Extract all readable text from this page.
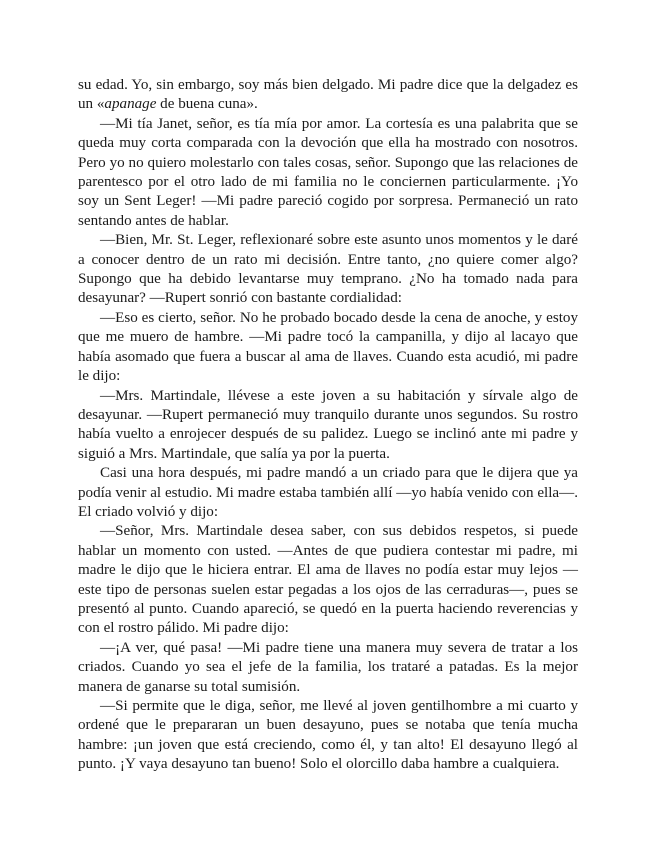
su edad. Yo, sin embargo, soy más bien delgado. Mi padre dice que la delgadez es un «apanage de buena cuna».

—Mi tía Janet, señor, es tía mía por amor. La cortesía es una palabrita que se queda muy corta comparada con la devoción que ella ha mostrado con nosotros. Pero yo no quiero molestarlo con tales cosas, señor. Supongo que las relaciones de parentesco por el otro lado de mi familia no le conciernen particularmente. ¡Yo soy un Sent Leger! —Mi padre pareció cogido por sorpresa. Permaneció un rato sentando antes de hablar.

—Bien, Mr. St. Leger, reflexionaré sobre este asunto unos momentos y le daré a conocer dentro de un rato mi decisión. Entre tanto, ¿no quiere comer algo? Supongo que ha debido levantarse muy temprano. ¿No ha tomado nada para desayunar? —Rupert sonrió con bastante cordialidad:

—Eso es cierto, señor. No he probado bocado desde la cena de anoche, y estoy que me muero de hambre. —Mi padre tocó la campanilla, y dijo al lacayo que había asomado que fuera a buscar al ama de llaves. Cuando esta acudió, mi padre le dijo:

—Mrs. Martindale, llévese a este joven a su habitación y sírvale algo de desayunar. —Rupert permaneció muy tranquilo durante unos segundos. Su rostro había vuelto a enrojecer después de su palidez. Luego se inclinó ante mi padre y siguió a Mrs. Martindale, que salía ya por la puerta.

Casi una hora después, mi padre mandó a un criado para que le dijera que ya podía venir al estudio. Mi madre estaba también allí —yo había venido con ella—. El criado volvió y dijo:

—Señor, Mrs. Martindale desea saber, con sus debidos respetos, si puede hablar un momento con usted. —Antes de que pudiera contestar mi padre, mi madre le dijo que le hiciera entrar. El ama de llaves no podía estar muy lejos —este tipo de personas suelen estar pegadas a los ojos de las cerraduras—, pues se presentó al punto. Cuando apareció, se quedó en la puerta haciendo reverencias y con el rostro pálido. Mi padre dijo:

—¡A ver, qué pasa! —Mi padre tiene una manera muy severa de tratar a los criados. Cuando yo sea el jefe de la familia, los trataré a patadas. Es la mejor manera de ganarse su total sumisión.

—Si permite que le diga, señor, me llevé al joven gentilhombre a mi cuarto y ordené que le prepararan un buen desayuno, pues se notaba que tenía mucha hambre: ¡un joven que está creciendo, como él, y tan alto! El desayuno llegó al punto. ¡Y vaya desayuno tan bueno! Solo el olorcillo daba hambre a cualquiera.
